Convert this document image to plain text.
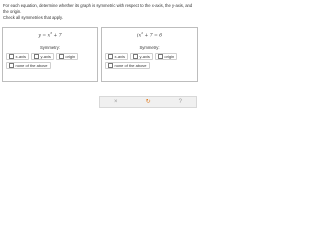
For each equation, determine whether its graph is symmetric with respect to the x-axis, the y-axis, and the origin.

Check all symmetries that apply.

$y = x^3 + 7$
Symmetry:
x-axis	y-axis	origin
none of the above
($x^2 + 7 = 6$
Symmetry:
x-axis	y-axis	origin
none of the above
×	↻	?
